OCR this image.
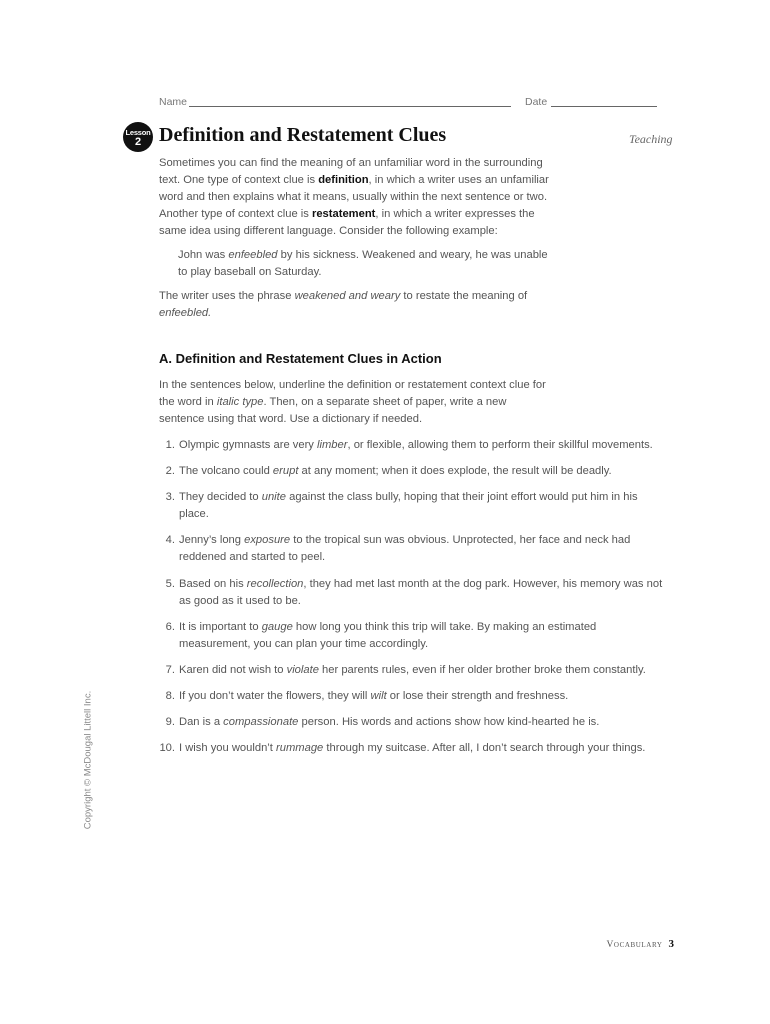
Name	Date
Lesson
2 Definition and Restatement Clues	Teaching
Sometimes you can find the meaning of an unfamiliar word in the surrounding
text. One type of context clue is definition, in which a writer uses an unfamiliar
word and then explains what it means, usually within the next sentence or two.
Another type of context clue is restatement, in which a writer expresses the
same idea using different language. Consider the following example:
John was enfeebled by his sickness. Weakened and weary, he was unable
to play baseball on Saturday.
The writer uses the phrase weakened and weary to restate the meaning of
enfeebled.
A. Definition and Restatement Clues in Action
In the sentences below, underline the definition or restatement context clue for
the word in italic type. Then, on a separate sheet of paper, write a new
sentence using that word. Use a dictionary if needed.
1. Olympic gymnasts are very limber, or flexible, allowing them to perform their skillful movements.
2. The volcano could erupt at any moment; when it does explode, the result will be deadly.
3. They decided to unite against the class bully, hoping that their joint effort would put him in his
place.
4. Jenny’s long exposure to the tropical sun was obvious. Unprotected, her face and neck had
reddened and started to peel.
5. Based on his recollection, they had met last month at the dog park. However, his memory was not
as good as it used to be.
6. It is important to gauge how long you think this trip will take. By making an estimated
measurement, you can plan your time accordingly.
7. Karen did not wish to violate her parents rules, even if her older brother broke them constantly.
8. If you don’t water the flowers, they will wilt or lose their strength and freshness.
9. Dan is a compassionate person. His words and actions show how kind-hearted he is.
10. I wish you wouldn’t rummage through my suitcase. After all, I don’t search through your things.
Copyright © McDougal Littell Inc.
Vocabulary 3
